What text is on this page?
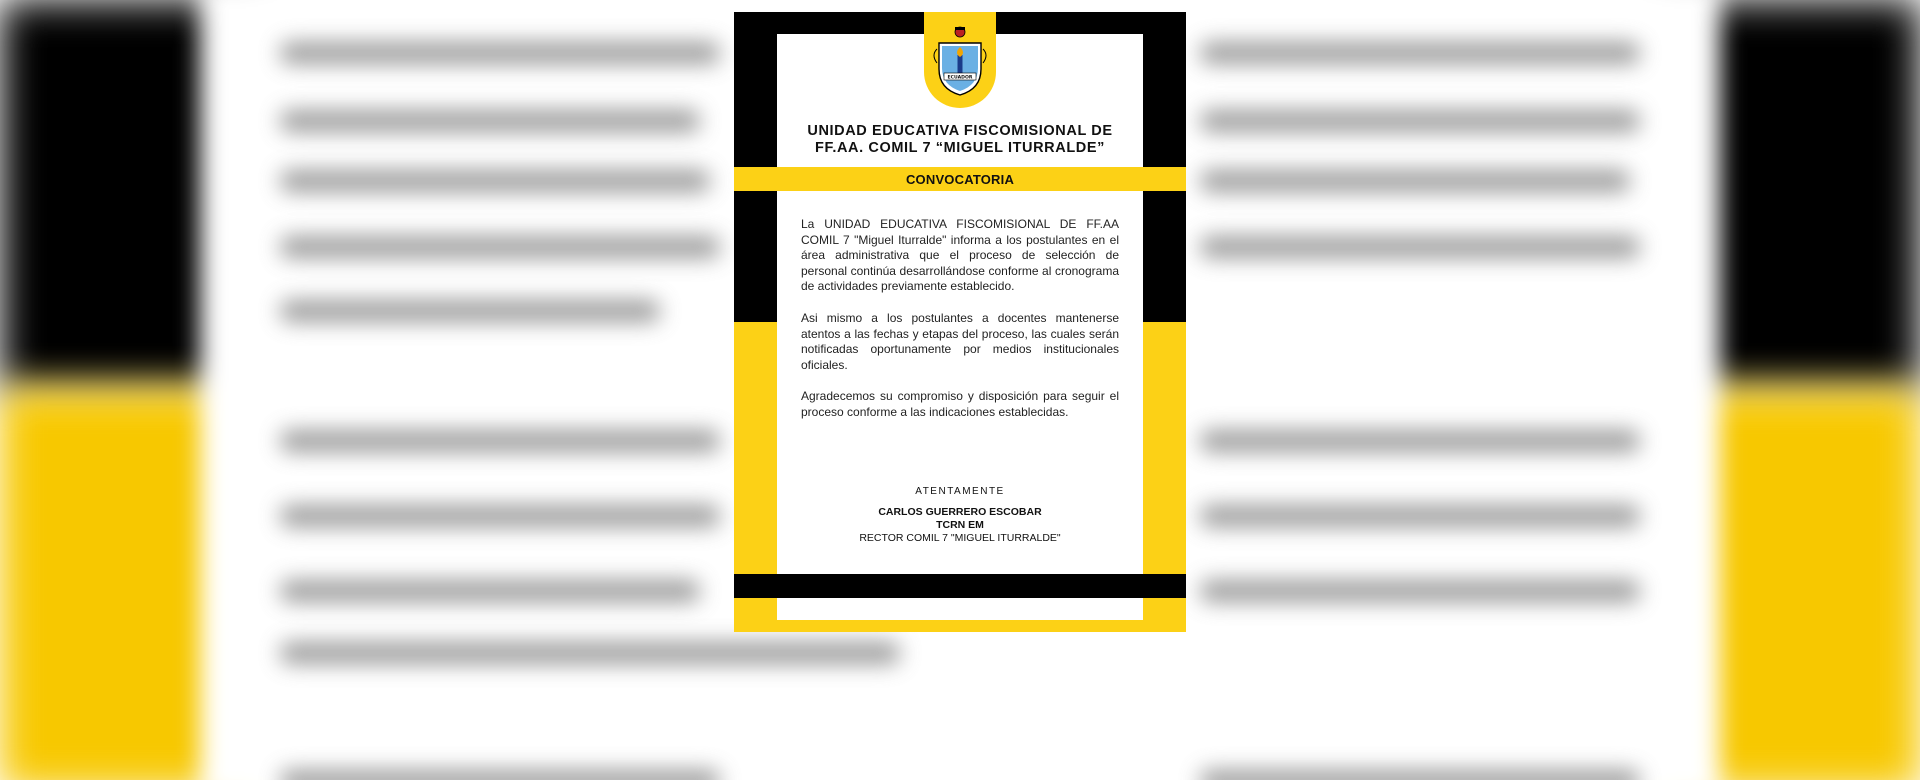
CONVOCATORIA
ECUADOR
UNIDAD EDUCATIVA FISCOMISIONAL DE
FF.AA. COMIL 7 “MIGUEL ITURRALDE”

La UNIDAD EDUCATIVA FISCOMISIONAL DE FF.AA COMIL 7 "Miguel Iturralde" informa a los postulantes en el área administrativa que el proceso de selección de personal continúa desarrollándose conforme al cronograma de actividades previamente establecido.

Asi mismo a los postulantes a docentes mantenerse atentos a las fechas y etapas del proceso, las cuales serán notificadas oportunamente por medios institucionales oficiales.

Agradecemos su compromiso y disposición para seguir el proceso conforme a las indicaciones establecidas.

ATENTAMENTE
CARLOS GUERRERO ESCOBAR
TCRN EM
RECTOR COMIL 7 "MIGUEL ITURRALDE"
